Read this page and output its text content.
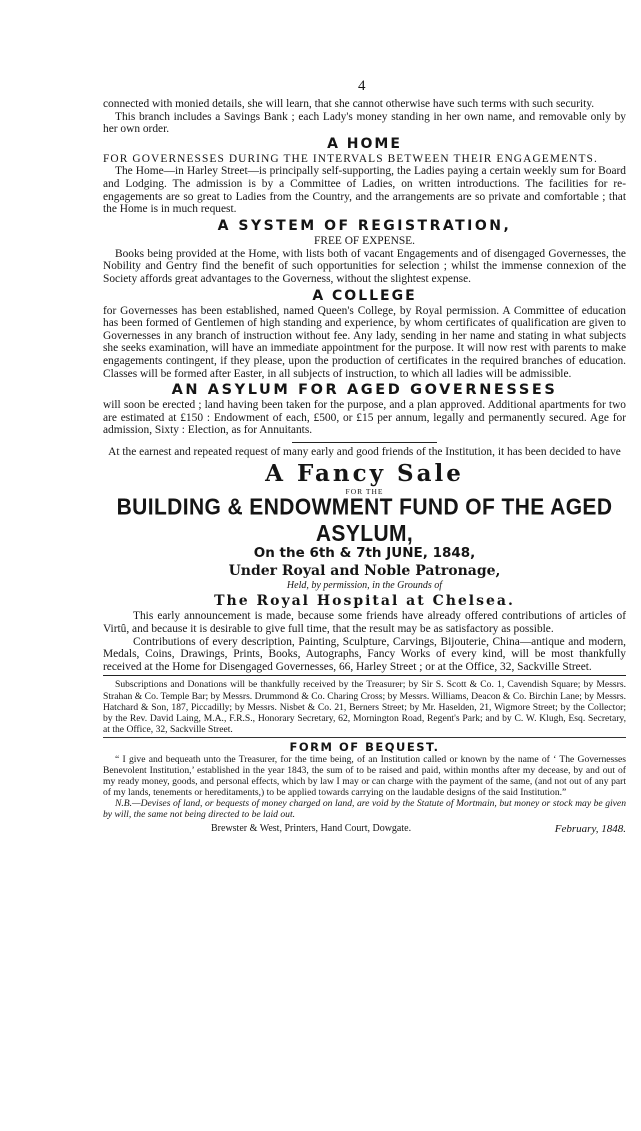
4

connected with monied details, she will learn, that she cannot otherwise have such terms with such security.

This branch includes a Savings Bank ; each Lady's money standing in her own name, and removable only by her own order.

A HOME

FOR GOVERNESSES DURING THE INTERVALS BETWEEN THEIR ENGAGEMENTS.

The Home—in Harley Street—is principally self-supporting, the Ladies paying a certain weekly sum for Board and Lodging. The admission is by a Committee of Ladies, on written introductions. The facilities for re-engagements are so great to Ladies from the Country, and the arrangements are so private and comfortable ; that the Home is in much request.

A SYSTEM OF REGISTRATION,
FREE OF EXPENSE.

Books being provided at the Home, with lists both of vacant Engagements and of disengaged Governesses, the Nobility and Gentry find the benefit of such opportunities for selection ; whilst the immense connexion of the Society affords great advantages to the Governess, without the slightest expense.

A COLLEGE

for Governesses has been established, named Queen's College, by Royal permission. A Committee of education has been formed of Gentlemen of high standing and experience, by whom certificates of qualification are given to Governesses in any branch of instruction without fee. Any lady, sending in her name and stating in what subjects she seeks examination, will have an immediate appointment for the purpose. It will now rest with parents to make engagements contingent, if they please, upon the production of certificates in the required branches of education. Classes will be formed after Easter, in all subjects of instruction, to which all ladies will be admissible.

AN ASYLUM FOR AGED GOVERNESSES

will soon be erected ; land having been taken for the purpose, and a plan approved. Additional apartments for two are estimated at £150 : Endowment of each, £500, or £15 per annum, legally and permanently secured. Age for admission, Sixty : Election, as for Annuitants.

At the earnest and repeated request of many early and good friends of the Institution, it has been decided to have

A Fancy Sale
FOR THE
BUILDING & ENDOWMENT FUND OF THE AGED ASYLUM,
On the 6th & 7th JUNE, 1848,
Under Royal and Noble Patronage,
Held, by permission, in the Grounds of
The Royal Hospital at Chelsea.

This early announcement is made, because some friends have already offered contributions of articles of Virtû, and because it is desirable to give full time, that the result may be as satisfactory as possible.

Contributions of every description, Painting, Sculpture, Carvings, Bijouterie, China—antique and modern, Medals, Coins, Drawings, Prints, Books, Autographs, Fancy Works of every kind, will be most thankfully received at the Home for Disengaged Governesses, 66, Harley Street ; or at the Office, 32, Sackville Street.

Subscriptions and Donations will be thankfully received by the Treasurer; by Sir S. Scott & Co. 1, Cavendish Square; by Messrs. Strahan & Co. Temple Bar; by Messrs. Drummond & Co. Charing Cross; by Messrs. Williams, Deacon & Co. Birchin Lane; by Messrs. Hatchard & Son, 187, Piccadilly; by Messrs. Nisbet & Co. 21, Berners Street; by Mr. Haselden, 21, Wigmore Street; by the Collector; by the Rev. David Laing, M.A., F.R.S., Honorary Secretary, 62, Mornington Road, Regent's Park; and by C. W. Klugh, Esq. Secretary, at the Office, 32, Sackville Street.

FORM OF BEQUEST.

“ I give and bequeath unto the Treasurer, for the time being, of an Institution called or known by the name of ‘ The Governesses Benevolent Institution,’ established in the year 1843, the sum of to be raised and paid, within months after my decease, by and out of my ready money, goods, and personal effects, which by law I may or can charge with the payment of the same, (and not out of any part of my lands, tenements or hereditaments,) to be applied towards carrying on the laudable designs of the said Institution.”

N.B.—Devises of land, or bequests of money charged on land, are void by the Statute of Mortmain, but money or stock may be given by will, the same not being directed to be laid out.

Brewster & West, Printers, Hand Court, Dowgate.	February, 1848.
